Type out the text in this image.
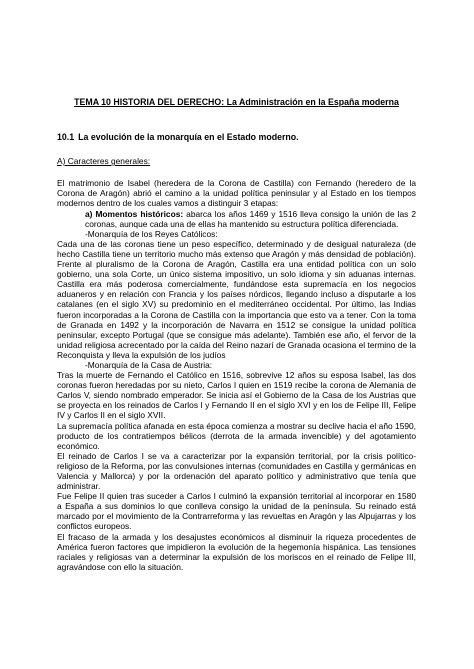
TEMA 10 HISTORIA DEL DERECHO: La Administración en la España moderna

10.1 La evolución de la monarquía en el Estado moderno.

A) Caracteres generales:

El matrimonio de Isabel (heredera de la Corona de Castilla) con Fernando (heredero de la Corona de Aragón) abrió el camino a la unidad política peninsular y al Estado en los tiempos modernos dentro de los cuales vamos a distinguir 3 etapas:

a) Momentos históricos: abarca los años 1469 y 1516 lleva consigo la unión de las 2 coronas, aunque cada una de ellas ha mantenido su estructura política diferenciada.

-Monarquía de los Reyes Católicos:

Cada una de las coronas tiene un peso específico, determinado y de desigual naturaleza (de hecho Castilla tiene un territorio mucho más extenso que Aragón y más densidad de población). Frente al pluralismo de la Corona de Aragón, Castilla era una entidad política con un solo gobierno, una sola Corte, un único sistema impositivo, un solo idioma y sin aduanas internas. Castilla era más poderosa comercialmente, fundándose esta supremacía en los negocios aduaneros y en relación con Francia y los países nórdicos, llegando incluso a disputarle a los catalanes (en el siglo XV) su predominio en el mediterráneo occidental. Por último, las Indias fueron incorporadas a la Corona de Castilla con la importancia que esto va a tener. Con la toma de Granada en 1492 y la incorporación de Navarra en 1512 se consigue la unidad política peninsular, excepto Portugal (que se consigue más adelante). También ese año, el fervor de la unidad religiosa acrecentado por la caída del Reino nazarí de Granada ocasiona el termino de la Reconquista y lleva la expulsión de los judíos

-Monarquía de la Casa de Austria:

Tras la muerte de Fernando el Católico en 1516, sobrevive 12 años su esposa Isabel, las dos coronas fueron heredadas por su nieto, Carlos I quien en 1519 recibe la corona de Alemania de Carlos V, siendo nombrado emperador. Se inicia así el Gobierno de la Casa de los Austrias que se proyecta en los reinados de Carlos I y Fernando II en el siglo XVI y en los de Felipe III, Felipe IV y Carlos II en el siglo XVII.

La supremacía política afanada en esta época comienza a mostrar su declive hacia el año 1590, producto de los contratiempos bélicos (derrota de la armada invencible) y del agotamiento económico.

El reinado de Carlos I se va a caracterizar por la expansión territorial, por la crisis político-religioso de la Reforma, por las convulsiones internas (comunidades en Castilla y germánicas en Valencia y Mallorca) y por la ordenación del aparato político y administrativo que tenía que administrar.

Fue Felipe II quien tras suceder a Carlos I culminó la expansión territorial al incorporar en 1580 a España a sus dominios lo que conlleva consigo la unidad de la península. Su reinado está marcado por el movimiento de la Contrarreforma y las revueltas en Aragón y las Alpujarras y los conflictos europeos.

El fracaso de la armada y los desajustes económicos al disminuir la riqueza procedentes de América fueron factores que impidieron la evolución de la hegemonía hispánica. Las tensiones raciales y religiosas van a determinar la expulsión de los moriscos en el reinado de Felipe III, agravándose con ello la situación.
